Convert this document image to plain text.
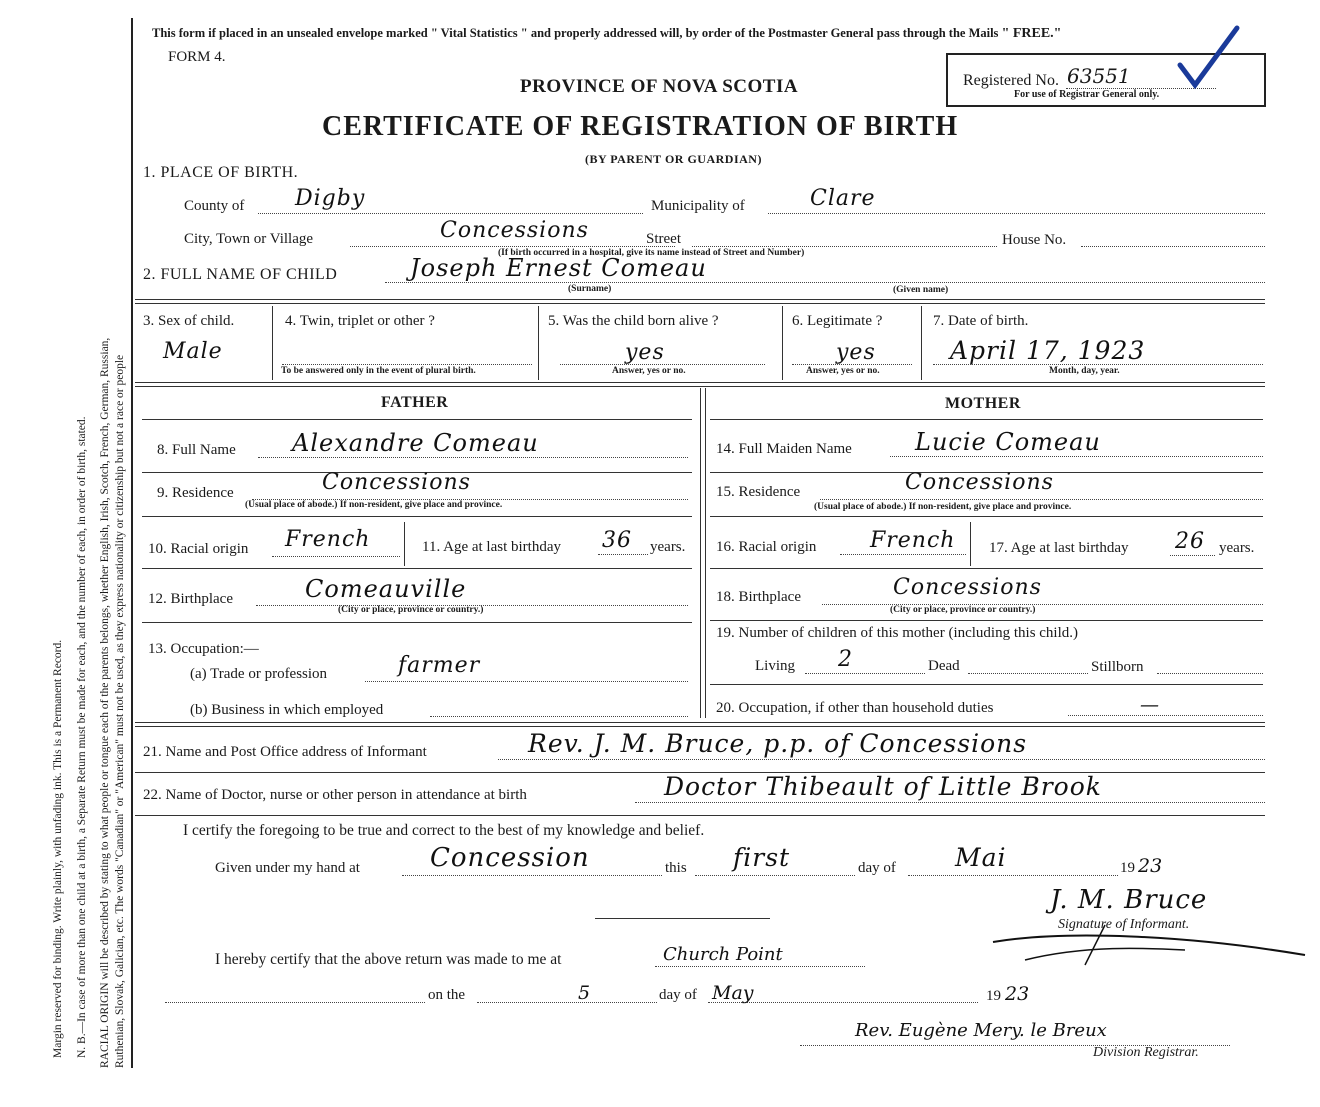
Margin reserved for binding. Write plainly, with unfading ink. This is a Permanent Record. N. B.—In case of more than one child at a birth, a Separate Return must be made for each, and the number of each, in order of birth, stated. RACIAL ORIGIN will be described by stating to what people or tongue each of the parents belongs, whether English, Irish, Scotch, French, German, Russian, Ruthenian, Slovak, Galician, etc. The words "Canadian" or "American" must not be used, as they express nationality or citizenship but not a race or people
This form if placed in an unsealed envelope marked " Vital Statistics " and properly addressed will, by order of the Postmaster General pass through the Mails " FREE."
FORM 4.
PROVINCE OF NOVA SCOTIA
CERTIFICATE OF REGISTRATION OF BIRTH
(BY PARENT OR GUARDIAN)
Registered No. 63551
For use of Registrar General only.
1. PLACE OF BIRTH.
County of Digby	Municipality of	Clare
City, Town or Village	Concessions	Street	House No.
(If birth occurred in a hospital, give its name instead of Street and Number)
2. FULL NAME OF CHILD	Joseph Ernest Comeau
(Surname)	(Given name)
3. Sex of child.
Male
4. Twin, triplet or other ?
To be answered only in the event of plural birth.
5. Was the child born alive ?
yes
Answer, yes or no.
6. Legitimate ?
yes
Answer, yes or no.
7. Date of birth.
April 17, 1923
Month, day, year.
FATHER
8. Full Name Alexandre Comeau
9. Residence	Concessions
(Usual place of abode.) If non-resident, give place and province.
10. Racial origin French	11. Age at last birthday 36 years.
12. Birthplace	Comeauville
(City or place, province or country.)
13. Occupation:—
(a) Trade or profession	farmer
(b) Business in which employed
MOTHER
14. Full Maiden Name	Lucie Comeau
15. Residence	Concessions
(Usual place of abode.) If non-resident, give place and province.
16. Racial origin French 17. Age at last birthday 26 years.
18. Birthplace	Concessions
(City or place, province or country.)
19. Number of children of this mother (including this child.)
Living 2	Dead	Stillborn
20. Occupation, if other than household duties	—
21. Name and Post Office address of Informant	Rev. J. M. Bruce, p.p. of Concessions
22. Name of Doctor, nurse or other person in attendance at birth	Doctor Thibeault of Little Brook
I certify the foregoing to be true and correct to the best of my knowledge and belief.
Given under my hand at	Concession	this first	day of Mai	19 23
J. M. Bruce
Signature of Informant.
I hereby certify that the above return was made to me at	Church Point
on the	5	day of May	19 23
Rev. Eugène Mery. le Breux
Division Registrar.
